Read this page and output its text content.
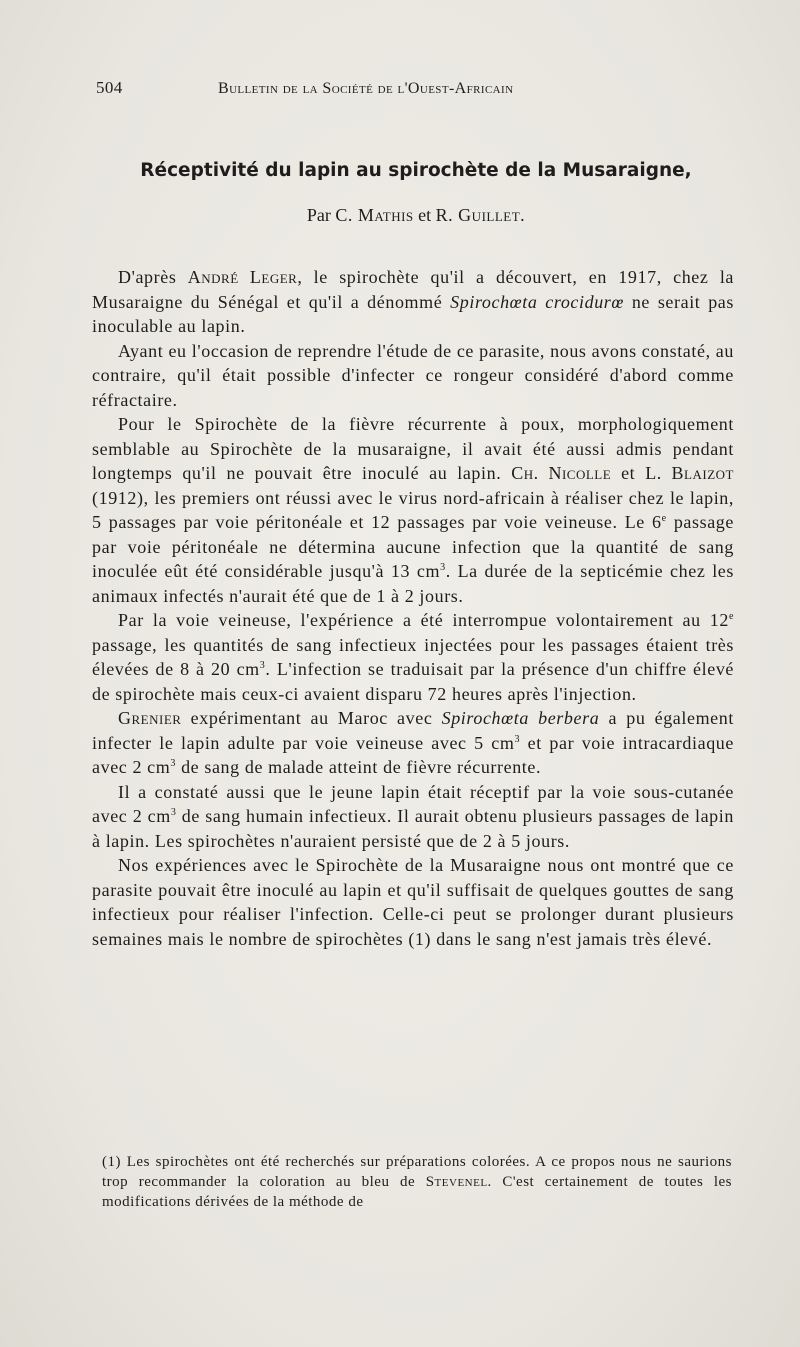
504	Bulletin de la Société de l'Ouest-Africain
Réceptivité du lapin au spirochète de la Musaraigne,
Par C. Mathis et R. Guillet.

D'après André Leger, le spirochète qu'il a découvert, en 1917, chez la Musaraigne du Sénégal et qu'il a dénommé Spirochœta crocidurœ ne serait pas inoculable au lapin.

Ayant eu l'occasion de reprendre l'étude de ce parasite, nous avons constaté, au contraire, qu'il était possible d'infecter ce rongeur considéré d'abord comme réfractaire.

Pour le Spirochète de la fièvre récurrente à poux, morphologiquement semblable au Spirochète de la musaraigne, il avait été aussi admis pendant longtemps qu'il ne pouvait être inoculé au lapin. Ch. Nicolle et L. Blaizot (1912), les premiers ont réussi avec le virus nord-africain à réaliser chez le lapin, 5 passages par voie péritonéale et 12 passages par voie veineuse. Le 6e passage par voie péritonéale ne détermina aucune infection que la quantité de sang inoculée eût été considérable jusqu'à 13 $cm^3$. La durée de la septicémie chez les animaux infectés n'aurait été que de 1 à 2 jours.

Par la voie veineuse, l'expérience a été interrompue volontairement au 12e passage, les quantités de sang infectieux injectées pour les passages étaient très élevées de 8 à 20 $cm^3$. L'infection se traduisait par la présence d'un chiffre élevé de spirochète mais ceux-ci avaient disparu 72 heures après l'injection.

Grenier expérimentant au Maroc avec Spirochœta berbera a pu également infecter le lapin adulte par voie veineuse avec 5 $cm^3$ et par voie intracardiaque avec 2 $cm^3$ de sang de malade atteint de fièvre récurrente.

Il a constaté aussi que le jeune lapin était réceptif par la voie sous-cutanée avec 2 $cm^3$ de sang humain infectieux. Il aurait obtenu plusieurs passages de lapin à lapin. Les spirochètes n'auraient persisté que de 2 à 5 jours.

Nos expériences avec le Spirochète de la Musaraigne nous ont montré que ce parasite pouvait être inoculé au lapin et qu'il suffisait de quelques gouttes de sang infectieux pour réaliser l'infection. Celle-ci peut se prolonger durant plusieurs semaines mais le nombre de spirochètes (1) dans le sang n'est jamais très élevé.

(1) Les spirochètes ont été recherchés sur préparations colorées. A ce propos nous ne saurions trop recommander la coloration au bleu de Stevenel. C'est certainement de toutes les modifications dérivées de la méthode de
